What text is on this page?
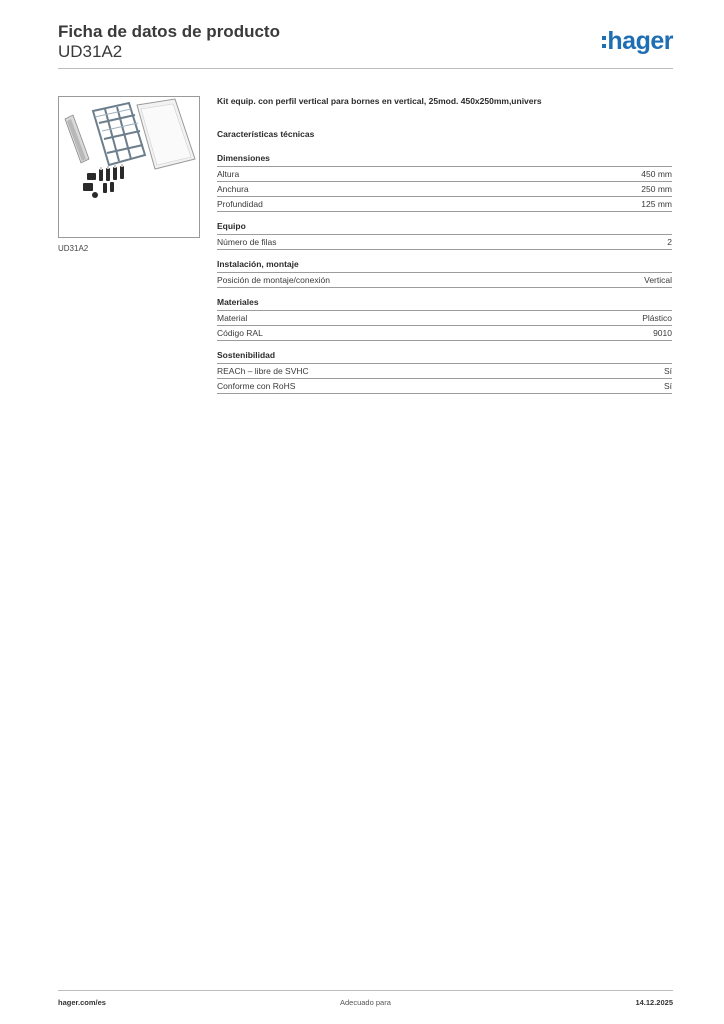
Ficha de datos de producto
UD31A2	hager
UD31A2
Kit equip. con perfil vertical para bornes en vertical, 25mod. 450x250mm,univers
Características técnicas
Dimensiones
Altura	450 mm
Anchura	250 mm
Profundidad	125 mm
Equipo
Número de filas	2
Instalación, montaje
Posición de montaje/conexión	Vertical
Materiales
Material	Plástico
Código RAL	9010
Sostenibilidad
REACh – libre de SVHC	Sí
Conforme con RoHS	Sí
hager.com/es	Adecuado para	14.12.2025
